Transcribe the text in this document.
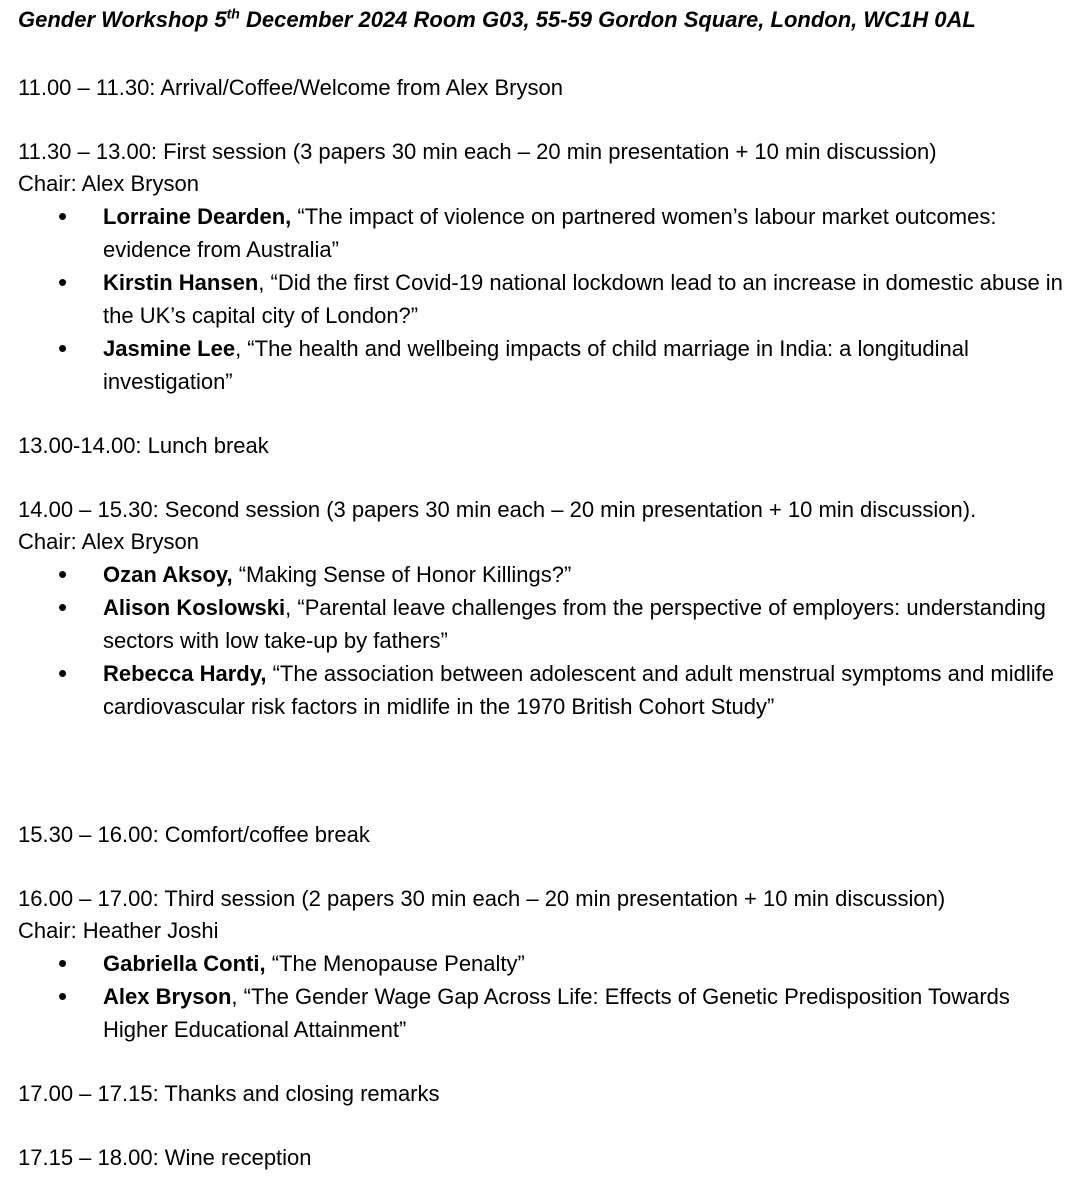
Gender Workshop 5th December 2024 Room G03, 55-59 Gordon Square, London, WC1H 0AL

11.00 – 11.30: Arrival/Coffee/Welcome from Alex Bryson

11.30 – 13.00: First session (3 papers 30 min each – 20 min presentation + 10 min discussion)

Chair: Alex Bryson

• Lorraine Dearden, “The impact of violence on partnered women’s labour market outcomes: evidence from Australia”
• Kirstin Hansen, “Did the first Covid-19 national lockdown lead to an increase in domestic abuse in the UK’s capital city of London?”
• Jasmine Lee, “The health and wellbeing impacts of child marriage in India: a longitudinal investigation”

13.00-14.00: Lunch break

14.00 – 15.30: Second session (3 papers 30 min each – 20 min presentation + 10 min discussion).

Chair: Alex Bryson

• Ozan Aksoy, “Making Sense of Honor Killings?”
• Alison Koslowski, “Parental leave challenges from the perspective of employers: understanding sectors with low take-up by fathers”
• Rebecca Hardy, “The association between adolescent and adult menstrual symptoms and midlife cardiovascular risk factors in midlife in the 1970 British Cohort Study”

15.30 – 16.00: Comfort/coffee break

16.00 – 17.00: Third session (2 papers 30 min each – 20 min presentation + 10 min discussion)

Chair: Heather Joshi

• Gabriella Conti, “The Menopause Penalty”
• Alex Bryson, “The Gender Wage Gap Across Life: Effects of Genetic Predisposition Towards Higher Educational Attainment”

17.00 – 17.15: Thanks and closing remarks

17.15 – 18.00: Wine reception
